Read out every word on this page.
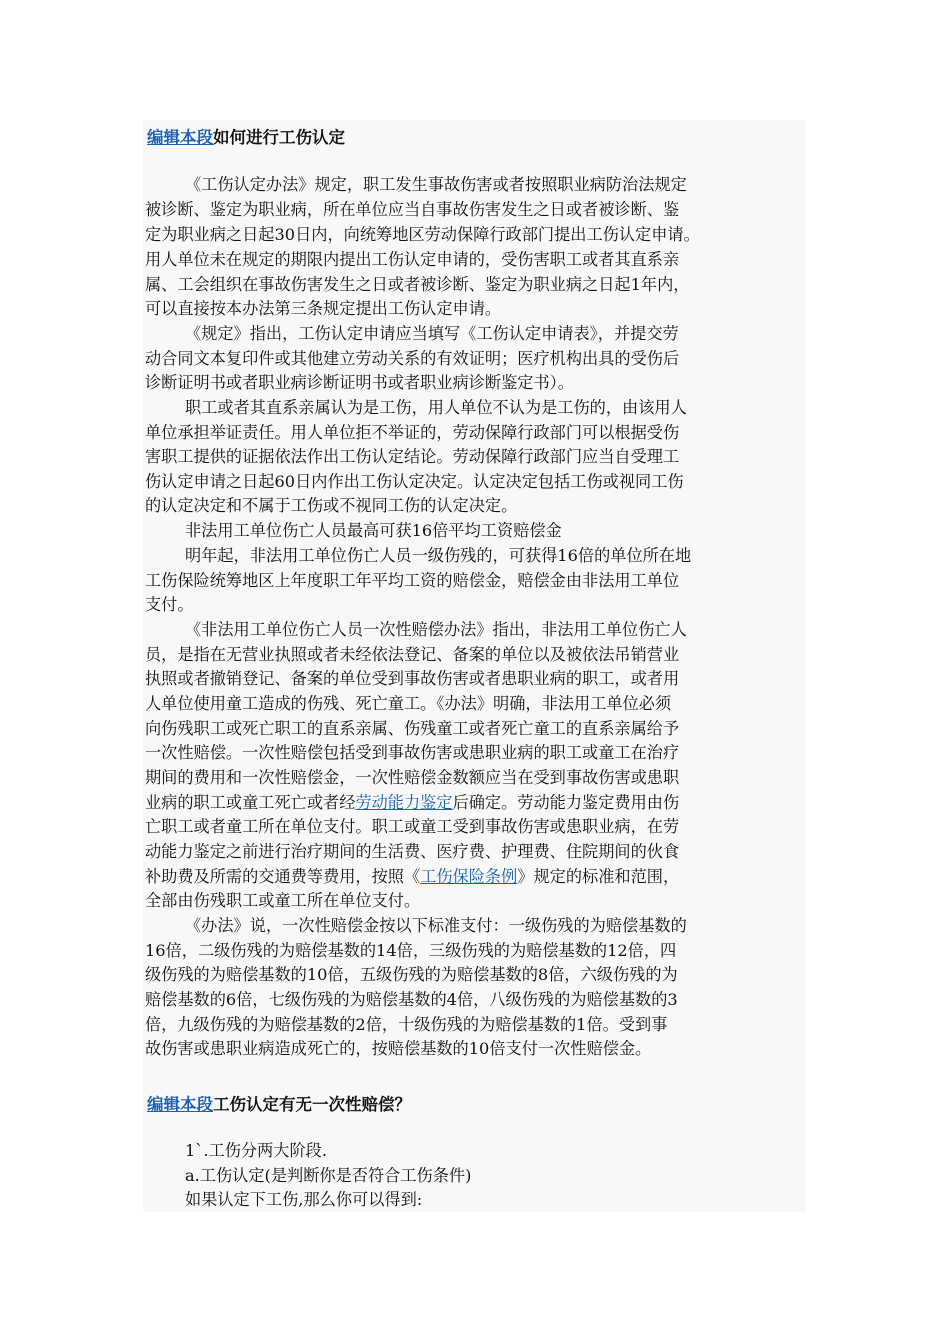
编辑本段如何进行工伤认定
《工伤认定办法》规定，职工发生事故伤害或者按照职业病防治法规定
被诊断、鉴定为职业病，所在单位应当自事故伤害发生之日或者被诊断、鉴
定为职业病之日起30日内，向统筹地区劳动保障行政部门提出工伤认定申请。
用人单位未在规定的期限内提出工伤认定申请的，受伤害职工或者其直系亲
属、工会组织在事故伤害发生之日或者被诊断、鉴定为职业病之日起1年内，
可以直接按本办法第三条规定提出工伤认定申请。
《规定》指出，工伤认定申请应当填写《工伤认定申请表》，并提交劳
动合同文本复印件或其他建立劳动关系的有效证明；医疗机构出具的受伤后
诊断证明书或者职业病诊断证明书或者职业病诊断鉴定书）。
职工或者其直系亲属认为是工伤，用人单位不认为是工伤的，由该用人
单位承担举证责任。用人单位拒不举证的，劳动保障行政部门可以根据受伤
害职工提供的证据依法作出工伤认定结论。劳动保障行政部门应当自受理工
伤认定申请之日起60日内作出工伤认定决定。认定决定包括工伤或视同工伤
的认定决定和不属于工伤或不视同工伤的认定决定。
非法用工单位伤亡人员最高可获16倍平均工资赔偿金
明年起，非法用工单位伤亡人员一级伤残的，可获得16倍的单位所在地
工伤保险统筹地区上年度职工年平均工资的赔偿金，赔偿金由非法用工单位
支付。
《非法用工单位伤亡人员一次性赔偿办法》指出，非法用工单位伤亡人
员，是指在无营业执照或者未经依法登记、备案的单位以及被依法吊销营业
执照或者撤销登记、备案的单位受到事故伤害或者患职业病的职工，或者用
人单位使用童工造成的伤残、死亡童工。《办法》明确，非法用工单位必须
向伤残职工或死亡职工的直系亲属、伤残童工或者死亡童工的直系亲属给予
一次性赔偿。一次性赔偿包括受到事故伤害或患职业病的职工或童工在治疗
期间的费用和一次性赔偿金，一次性赔偿金数额应当在受到事故伤害或患职
业病的职工或童工死亡或者经劳动能力鉴定后确定。劳动能力鉴定费用由伤
亡职工或者童工所在单位支付。职工或童工受到事故伤害或患职业病，在劳
动能力鉴定之前进行治疗期间的生活费、医疗费、护理费、住院期间的伙食
补助费及所需的交通费等费用，按照《工伤保险条例》规定的标准和范围，
全部由伤残职工或童工所在单位支付。
《办法》说，一次性赔偿金按以下标准支付：一级伤残的为赔偿基数的
16倍，二级伤残的为赔偿基数的14倍，三级伤残的为赔偿基数的12倍，四
级伤残的为赔偿基数的10倍，五级伤残的为赔偿基数的8倍，六级伤残的为
赔偿基数的6倍，七级伤残的为赔偿基数的4倍，八级伤残的为赔偿基数的3
倍，九级伤残的为赔偿基数的2倍，十级伤残的为赔偿基数的1倍。受到事
故伤害或患职业病造成死亡的，按赔偿基数的10倍支付一次性赔偿金。
编辑本段工伤认定有无一次性赔偿？
1`.工伤分两大阶段.
a.工伤认定(是判断你是否符合工伤条件)
如果认定下工伤,那么你可以得到:
